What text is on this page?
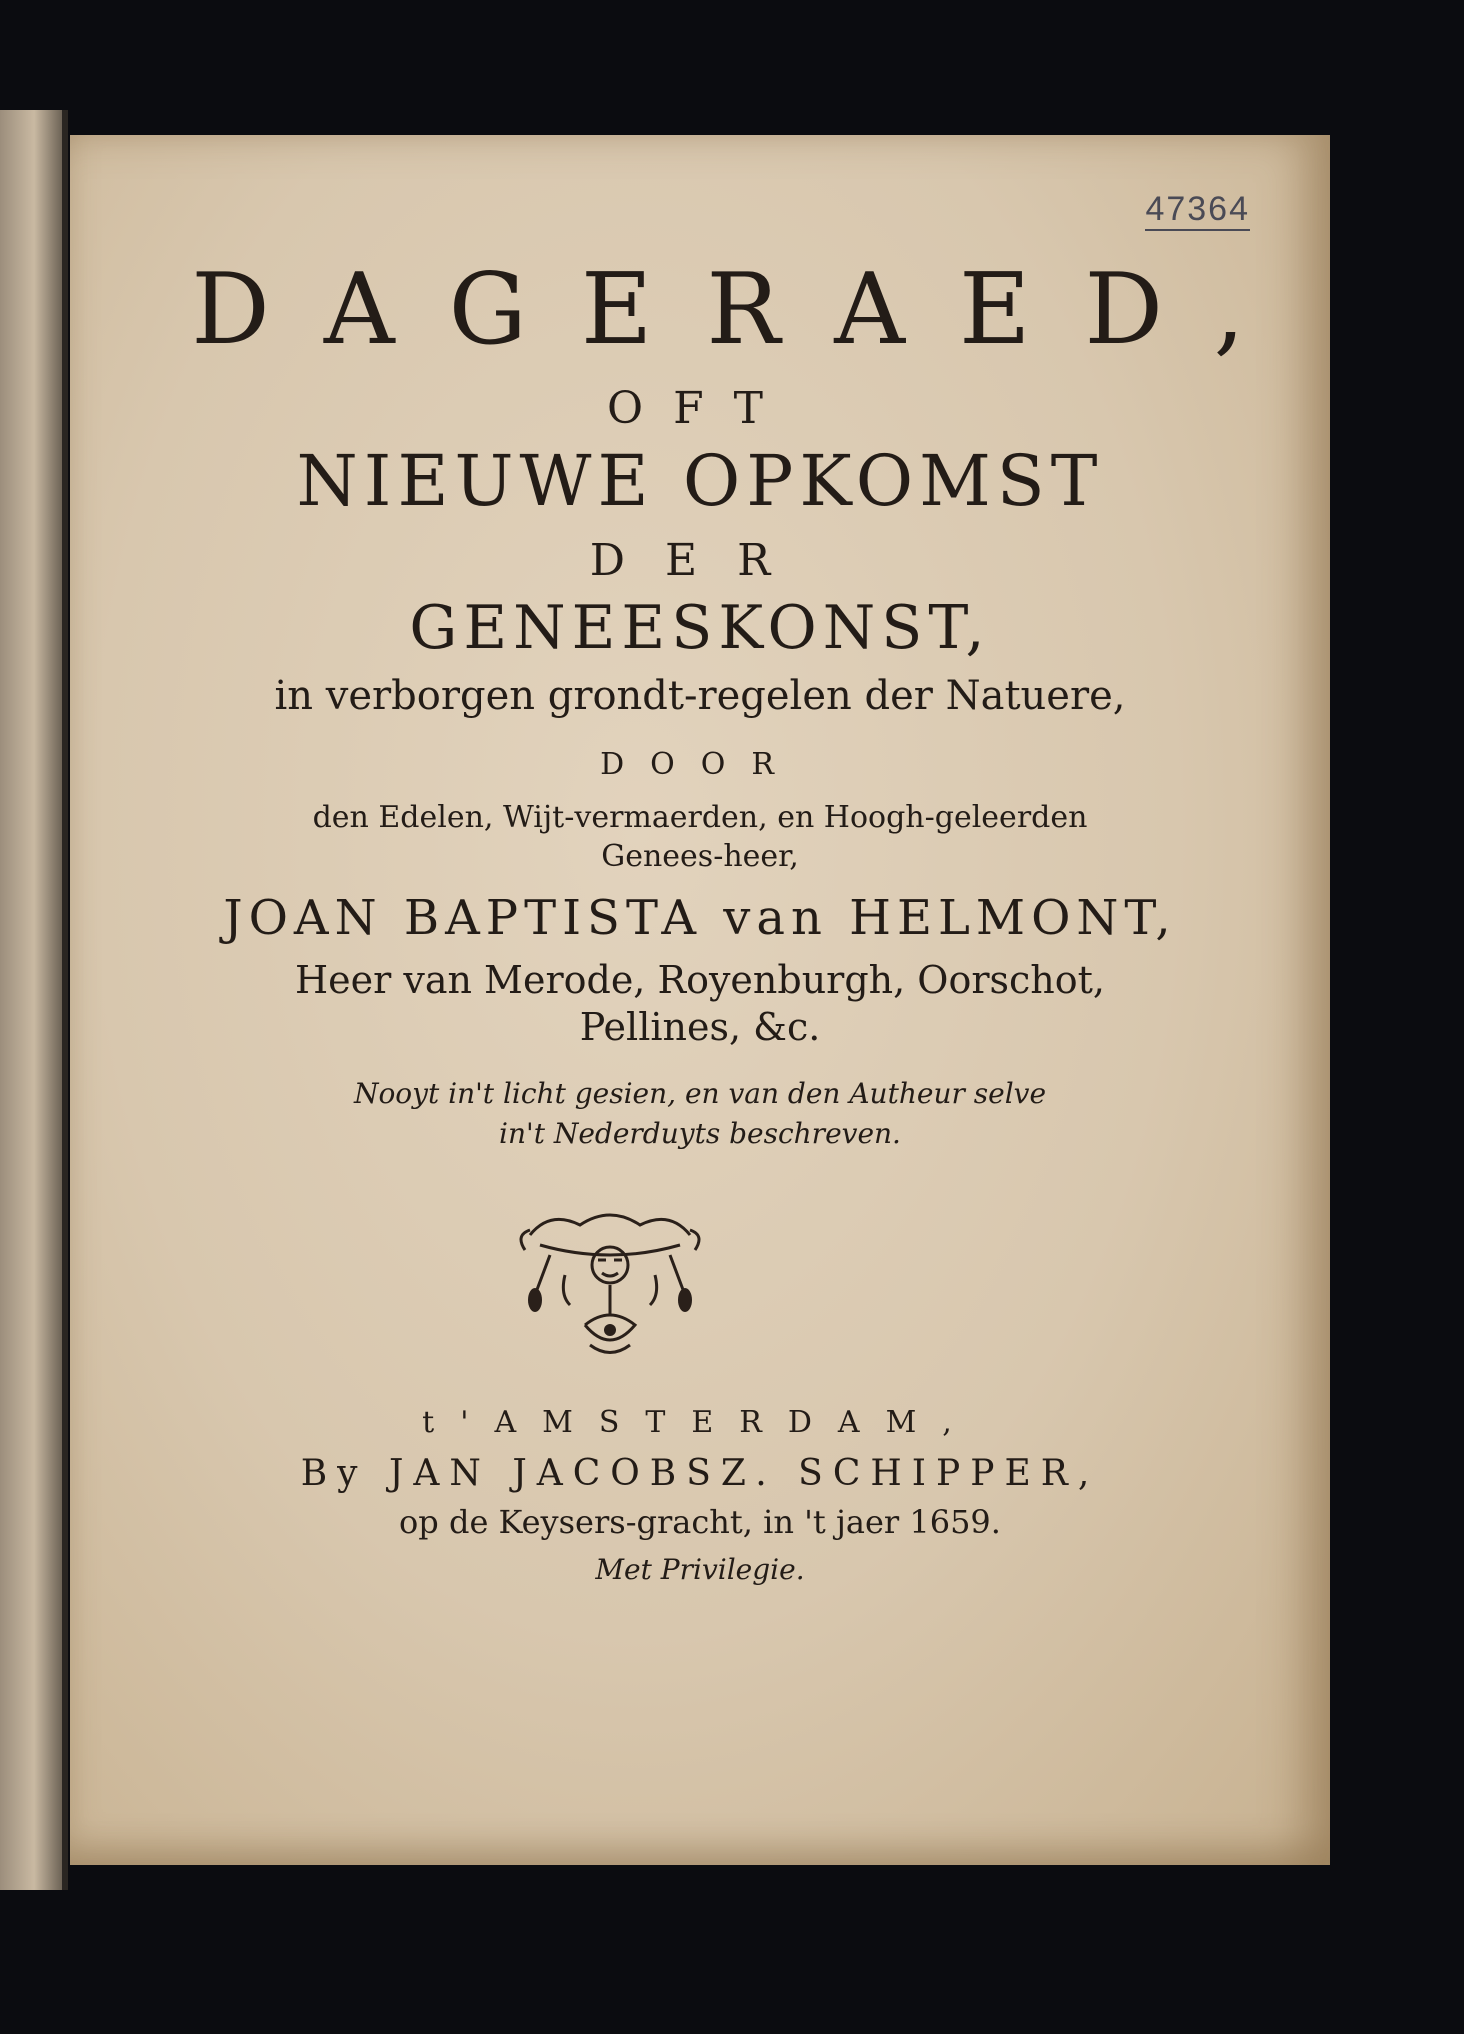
47364
DAGERAED,
OFT
NIEUWE OPKOMST
DER
GENEESKONST,
in verborgen grondt-regelen der Natuere,
DOOR
den Edelen, Wijt-vermaerden, en Hoogh-geleerden
Genees-heer,
JOAN BAPTISTA van HELMONT,
Heer van Merode, Royenburgh, Oorschot,
Pellines, &c.
Nooyt in't licht gesien, en van den Autheur selve
in't Nederduyts beschreven.
t'AMSTERDAM,
By JAN JACOBSZ. SCHIPPER,
op de Keysers-gracht, in 't jaer 1659.
Met Privilegie.
